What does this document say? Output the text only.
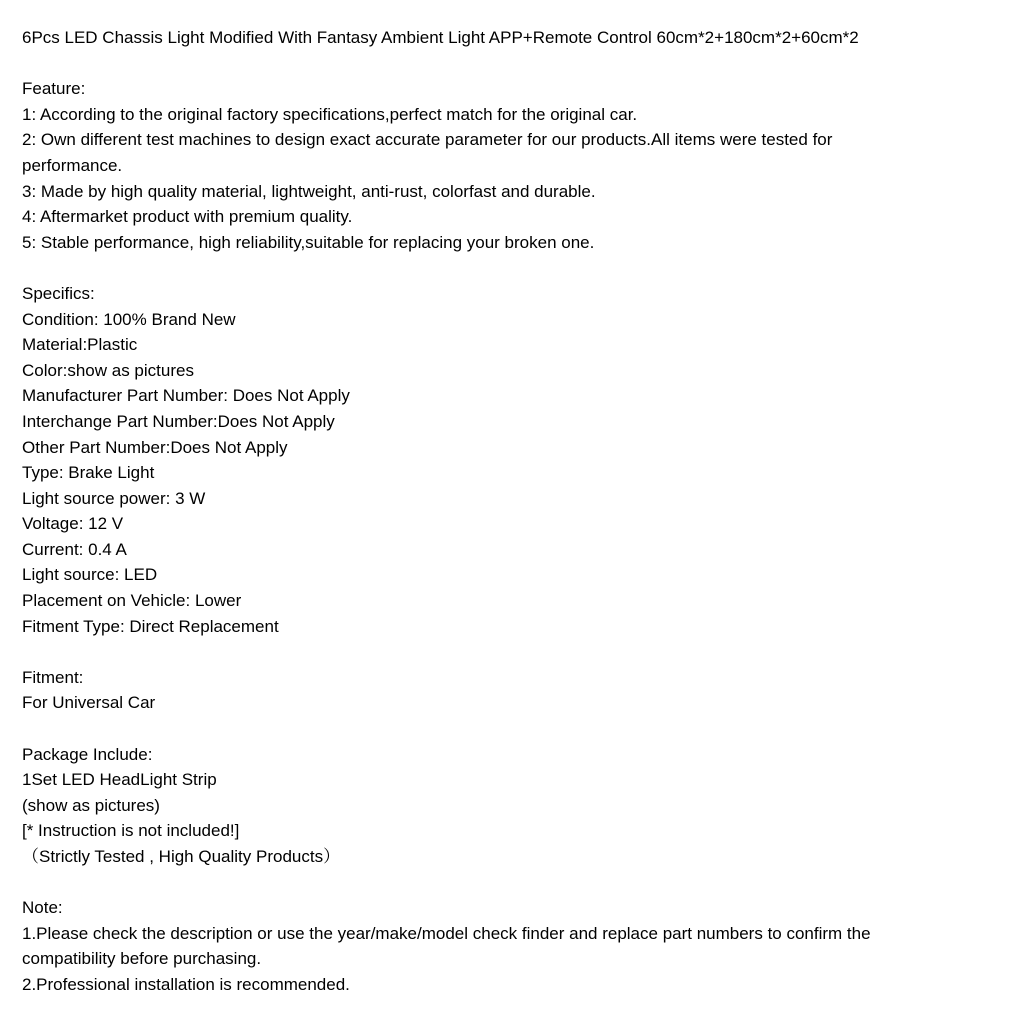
6Pcs LED Chassis Light Modified With Fantasy Ambient Light APP+Remote Control 60cm*2+180cm*2+60cm*2
Feature:
1: According to the original factory specifications,perfect match for the original car.
2: Own different test machines to design exact accurate parameter for our products.All items were tested for
performance.
3: Made by high quality material, lightweight, anti-rust, colorfast and durable.
4: Aftermarket product with premium quality.
5: Stable performance, high reliability,suitable for replacing your broken one.
Specifics:
Condition: 100% Brand New
Material:Plastic
Color:show as pictures
Manufacturer Part Number: Does Not Apply
Interchange Part Number:Does Not Apply
Other Part Number:Does Not Apply
Type: Brake Light
Light source power: 3 W
Voltage: 12 V
Current: 0.4 A
Light source: LED
Placement on Vehicle: Lower
Fitment Type: Direct Replacement
Fitment:
For Universal Car
Package Include:
1Set LED HeadLight Strip
(show as pictures)
[* Instruction is not included!]
（Strictly Tested , High Quality Products）
Note:
1.Please check the description or use the year/make/model check finder and replace part numbers to confirm the
compatibility before purchasing.
2.Professional installation is recommended.
